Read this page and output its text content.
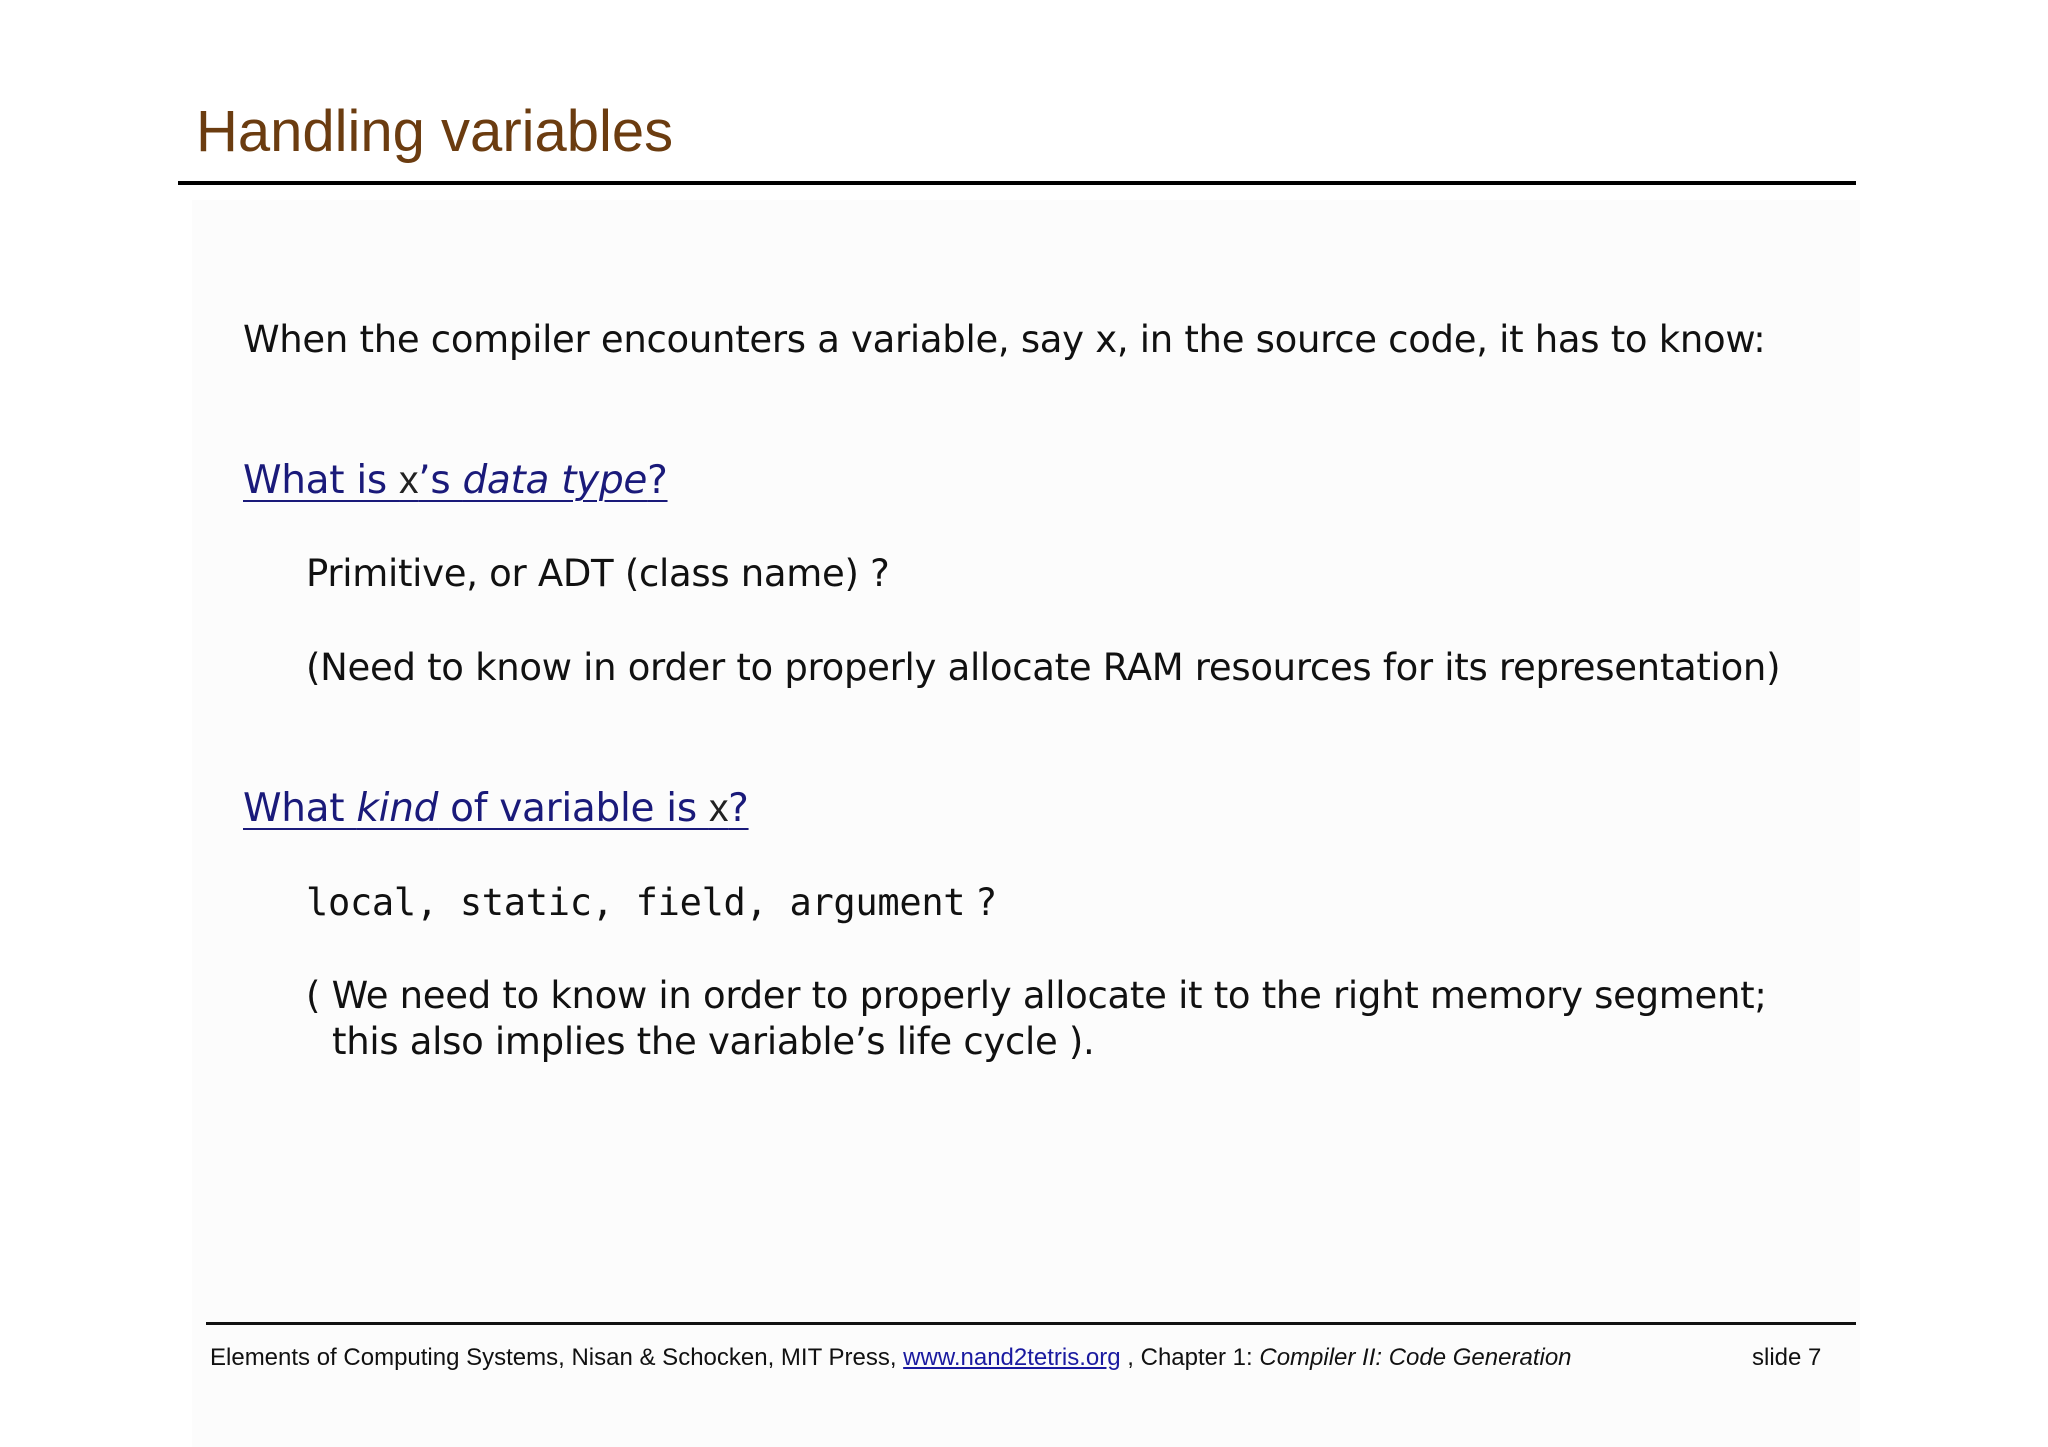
Handling variables
When the compiler encounters a variable, say x, in the source code, it has to know:
What is x’s data type?
Primitive, or ADT (class name) ?
(Need to know in order to properly allocate RAM resources for its representation)
What kind of variable is x?
local, static, field, argument ?
( We need to know in order to properly allocate it to the right memory segment;
this also implies the variable’s life cycle ).
Elements of Computing Systems, Nisan & Schocken, MIT Press, www.nand2tetris.org , Chapter 1: Compiler II: Code Generation	slide 7
